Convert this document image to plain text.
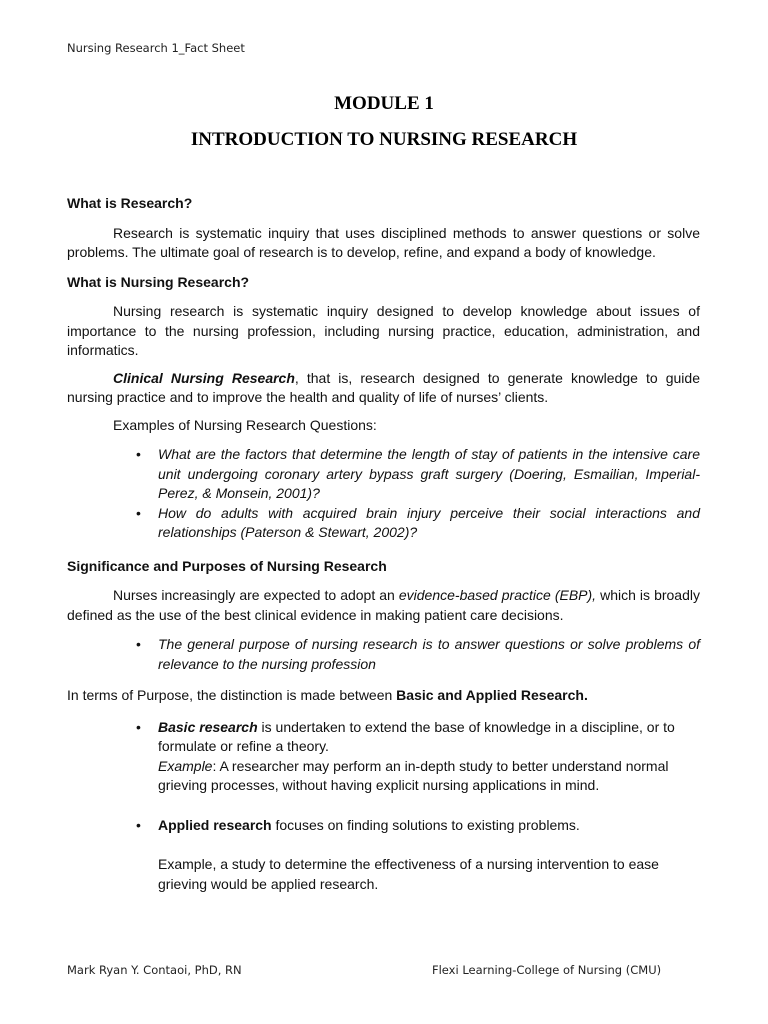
Nursing Research 1_Fact Sheet
MODULE 1
INTRODUCTION TO NURSING RESEARCH
What is Research?

Research is systematic inquiry that uses disciplined methods to answer questions or solve problems. The ultimate goal of research is to develop, refine, and expand a body of knowledge.

What is Nursing Research?

Nursing research is systematic inquiry designed to develop knowledge about issues of importance to the nursing profession, including nursing practice, education, administration, and informatics.

Clinical Nursing Research, that is, research designed to generate knowledge to guide nursing practice and to improve the health and quality of life of nurses’ clients.

Examples of Nursing Research Questions:

• What are the factors that determine the length of stay of patients in the intensive care unit undergoing coronary artery bypass graft surgery (Doering, Esmailian, Imperial-Perez, & Monsein, 2001)?
• How do adults with acquired brain injury perceive their social interactions and relationships (Paterson & Stewart, 2002)?
Significance and Purposes of Nursing Research

Nurses increasingly are expected to adopt an evidence-based practice (EBP), which is broadly defined as the use of the best clinical evidence in making patient care decisions.

• The general purpose of nursing research is to answer questions or solve problems of relevance to the nursing profession

In terms of Purpose, the distinction is made between Basic and Applied Research.

• Basic research is undertaken to extend the base of knowledge in a discipline, or to formulate or refine a theory.
Example: A researcher may perform an in-depth study to better understand normal grieving processes, without having explicit nursing applications in mind.
• Applied research focuses on finding solutions to existing problems.
Example, a study to determine the effectiveness of a nursing intervention to ease grieving would be applied research.
Mark Ryan Y. Contaoi, PhD, RN	Flexi Learning-College of Nursing (CMU)
